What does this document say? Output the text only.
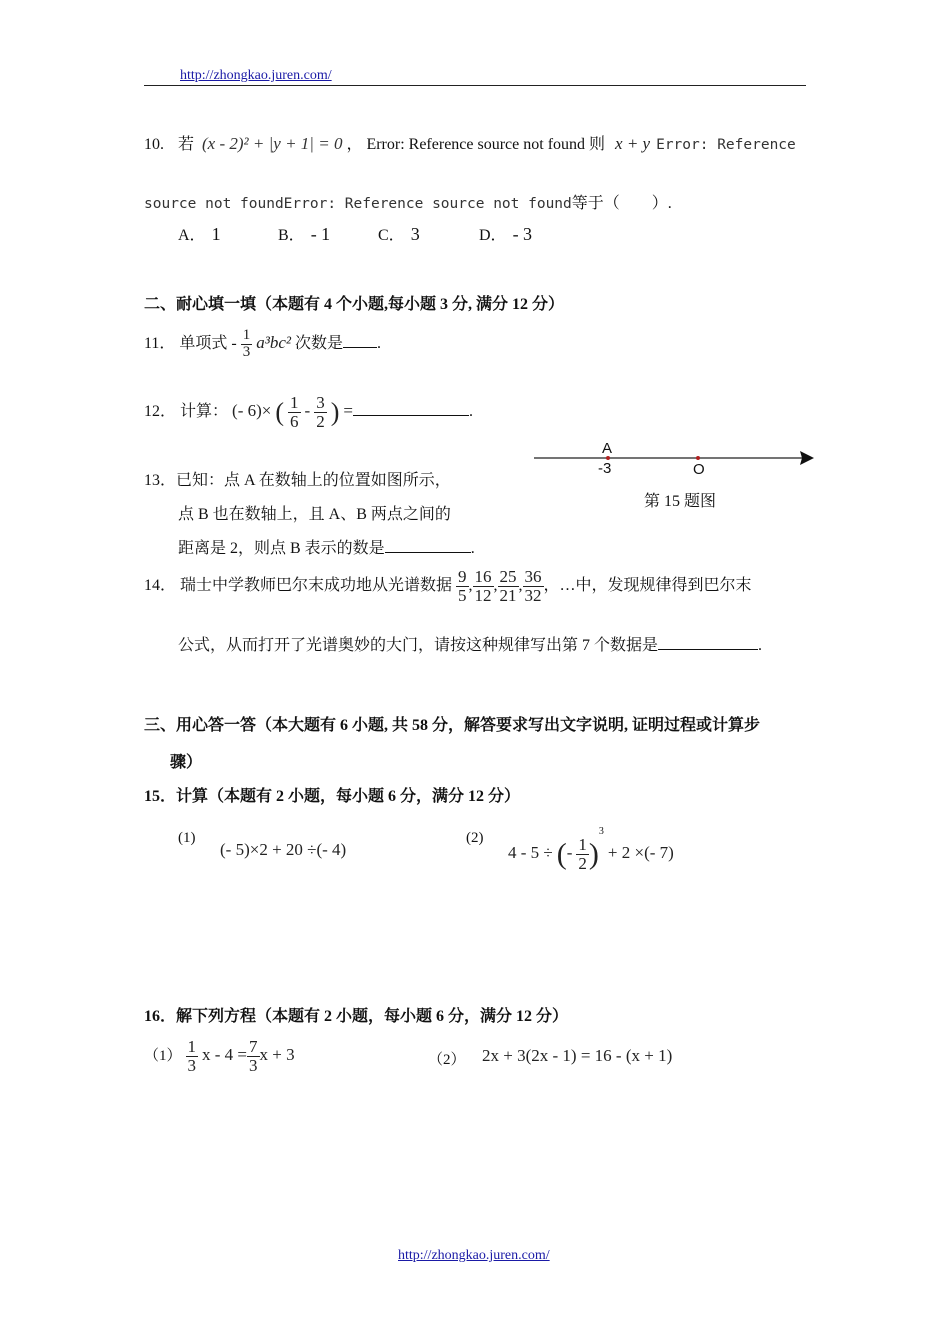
http://zhongkao.juren.com/
10. 若 (x - 2)² + |y + 1| = 0 ， Error: Reference source not found 则 x + y Error: Reference
source not foundError: Reference source not found等于（　　）.
A． 1	B． - 1	C． 3	D． - 3
二、耐心填一填（本题有 4 个小题,每小题 3 分, 满分 12 分）
11． 单项式 - $\frac{1}{3} a^3bc^2$ 次数是 .
12． 计算： (- 6)× ( $\frac{1}{6} - \frac{3}{2}$ ) =	.
A
-3	O
第 15 题图
13．已知：点 A 在数轴上的位置如图所示，
点 B 也在数轴上，且 A、B 两点之间的
距离是 2，则点 B 表示的数是	.
14． 瑞士中学教师巴尔末成功地从光谱数据 $\frac{9}{5}$ , $\frac{16}{12}$ , $\frac{25}{21}$ , $\frac{36}{32}$ ，…中，发现规律得到巴尔末
公式，从而打开了光谱奥妙的大门，请按这种规律写出第 7 个数据是	.
三、用心答一答（本大题有 6 小题, 共 58 分，解答要求写出文字说明, 证明过程或计算步
骤）
15．计算（本题有 2 小题，每小题 6 分，满分 12 分）
(1)
(- 5)×2 + 20 ÷(- 4)
(2)
4 - 5 ÷ (- $\frac{1}{2} )^3 + 2$ ×(- 7)
16．解下列方程（本题有 2 小题，每小题 6 分，满分 12 分）
$(1) \frac{1}{3}$ $x - 4 = \frac{7}{3}$ x + 3	（2） 2x + 3(2x - 1) = 16 - (x + 1)
http://zhongkao.juren.com/
